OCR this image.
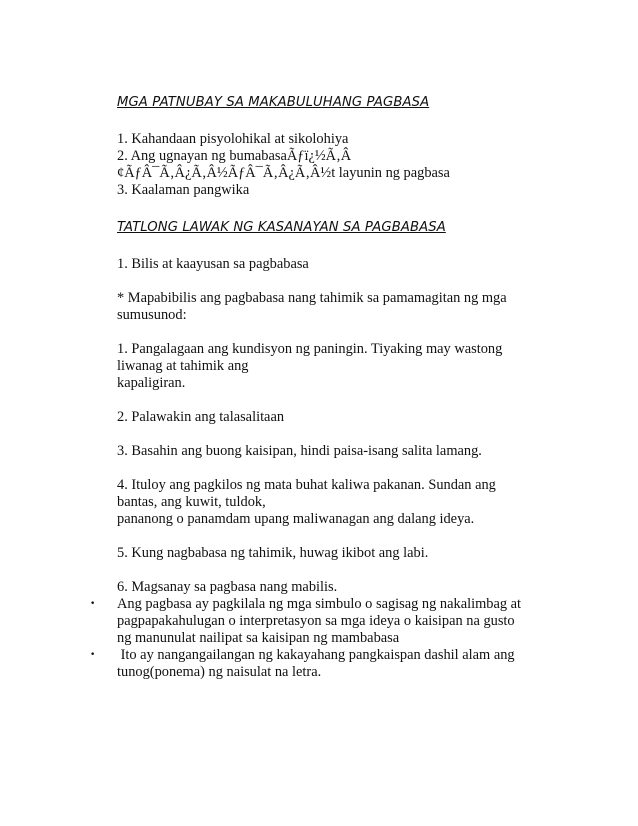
MGA PATNUBAY SA MAKABULUHANG PAGBASA
1. Kahandaan pisyolohikal at sikolohiya
2. Ang ugnayan ng bumabasaÃƒï¿½Ã‚Â
¢ÃƒÂ¯Ã‚Â¿Ã‚Â½ÃƒÂ¯Ã‚Â¿Ã‚Â½t layunin ng pagbasa
3. Kaalaman pangwika
TATLONG LAWAK NG KASANAYAN SA PAGBABASA
1. Bilis at kaayusan sa pagbabasa
* Mapabibilis ang pagbabasa nang tahimik sa pamamagitan ng mga
sumusunod:
1. Pangalagaan ang kundisyon ng paningin. Tiyaking may wastong
liwanag at tahimik ang
kapaligiran.
2. Palawakin ang talasalitaan
3. Basahin ang buong kaisipan, hindi paisa-isang salita lamang.
4. Ituloy ang pagkilos ng mata buhat kaliwa pakanan. Sundan ang
bantas, ang kuwit, tuldok,
pananong o panamdam upang maliwanagan ang dalang ideya.
5. Kung nagbabasa ng tahimik, huwag ikibot ang labi.
6. Magsanay sa pagbasa nang mabilis.
• Ang pagbasa ay pagkilala ng mga simbulo o sagisag ng nakalimbag at
pagpapakahulugan o interpretasyon sa mga ideya o kaisipan na gusto
ng manunulat nailipat sa kaisipan ng mambabasa
• Ito ay nangangailangan ng kakayahang pangkaispan dashil alam ang
tunog(ponema) ng naisulat na letra.
